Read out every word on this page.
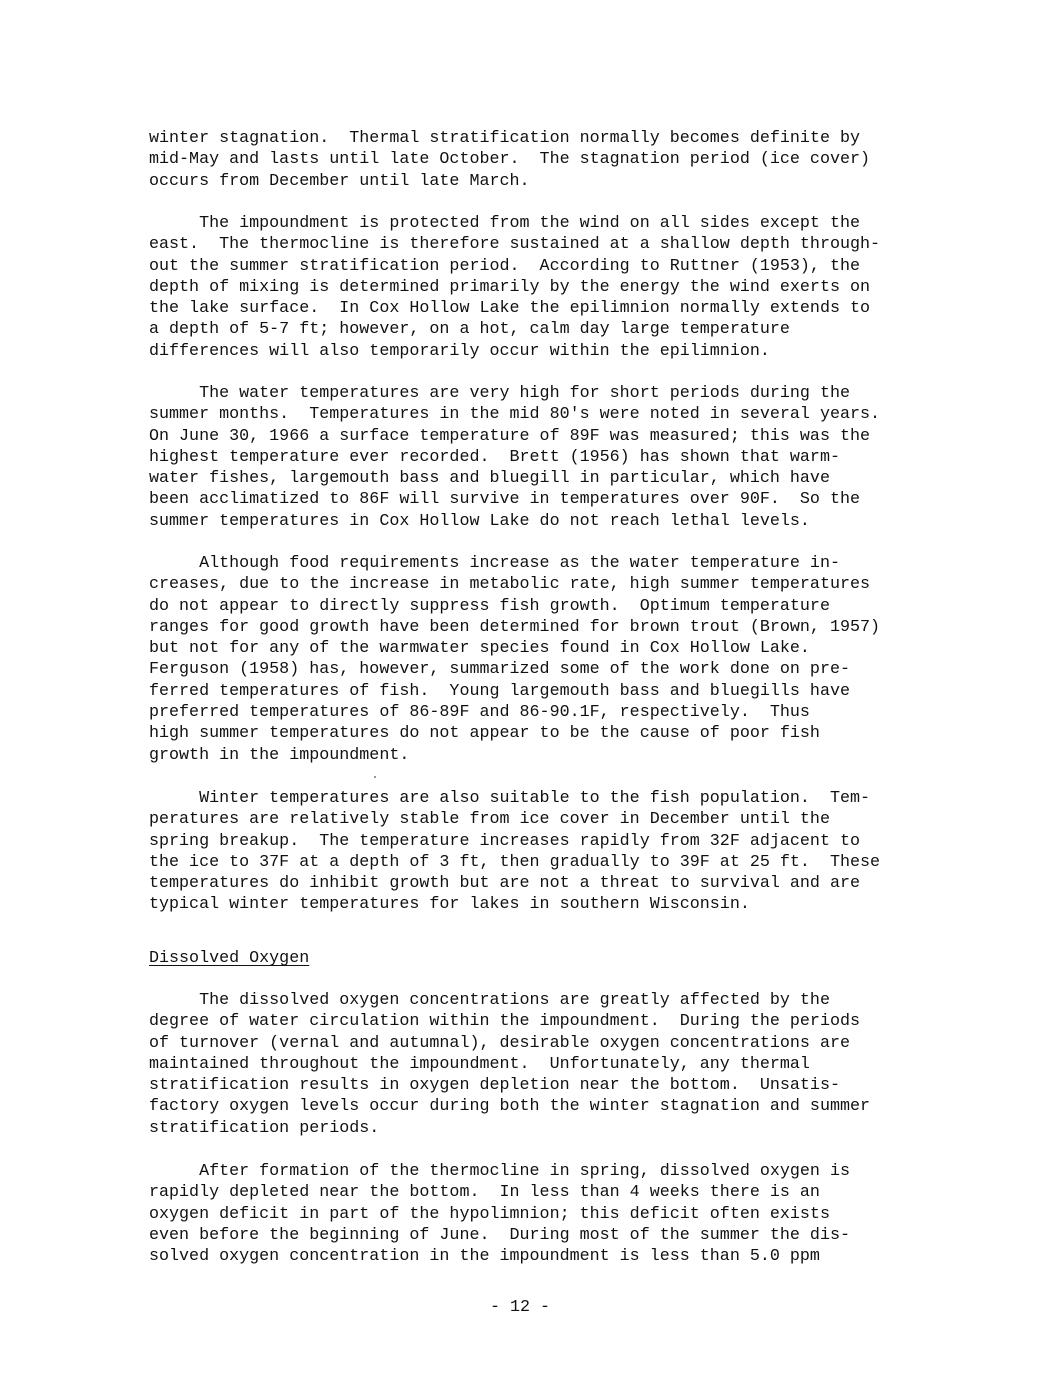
winter stagnation.  Thermal stratification normally becomes definite by
mid-May and lasts until late October.  The stagnation period (ice cover)
occurs from December until late March.
The impoundment is protected from the wind on all sides except the
east.  The thermocline is therefore sustained at a shallow depth through-
out the summer stratification period.  According to Ruttner (1953), the
depth of mixing is determined primarily by the energy the wind exerts on
the lake surface.  In Cox Hollow Lake the epilimnion normally extends to
a depth of 5-7 ft; however, on a hot, calm day large temperature
differences will also temporarily occur within the epilimnion.
The water temperatures are very high for short periods during the
summer months.  Temperatures in the mid 80's were noted in several years.
On June 30, 1966 a surface temperature of 89F was measured; this was the
highest temperature ever recorded.  Brett (1956) has shown that warm-
water fishes, largemouth bass and bluegill in particular, which have
been acclimatized to 86F will survive in temperatures over 90F.  So the
summer temperatures in Cox Hollow Lake do not reach lethal levels.
Although food requirements increase as the water temperature in-
creases, due to the increase in metabolic rate, high summer temperatures
do not appear to directly suppress fish growth.  Optimum temperature
ranges for good growth have been determined for brown trout (Brown, 1957)
but not for any of the warmwater species found in Cox Hollow Lake.
Ferguson (1958) has, however, summarized some of the work done on pre-
ferred temperatures of fish.  Young largemouth bass and bluegills have
preferred temperatures of 86-89F and 86-90.1F, respectively.  Thus
high summer temperatures do not appear to be the cause of poor fish
growth in the impoundment.
Winter temperatures are also suitable to the fish population.  Tem-
peratures are relatively stable from ice cover in December until the
spring breakup.  The temperature increases rapidly from 32F adjacent to
the ice to 37F at a depth of 3 ft, then gradually to 39F at 25 ft.  These
temperatures do inhibit growth but are not a threat to survival and are
typical winter temperatures for lakes in southern Wisconsin.
Dissolved Oxygen
The dissolved oxygen concentrations are greatly affected by the
degree of water circulation within the impoundment.  During the periods
of turnover (vernal and autumnal), desirable oxygen concentrations are
maintained throughout the impoundment.  Unfortunately, any thermal
stratification results in oxygen depletion near the bottom.  Unsatis-
factory oxygen levels occur during both the winter stagnation and summer
stratification periods.
After formation of the thermocline in spring, dissolved oxygen is
rapidly depleted near the bottom.  In less than 4 weeks there is an
oxygen deficit in part of the hypolimnion; this deficit often exists
even before the beginning of June.  During most of the summer the dis-
solved oxygen concentration in the impoundment is less than 5.0 ppm
- 12 -
